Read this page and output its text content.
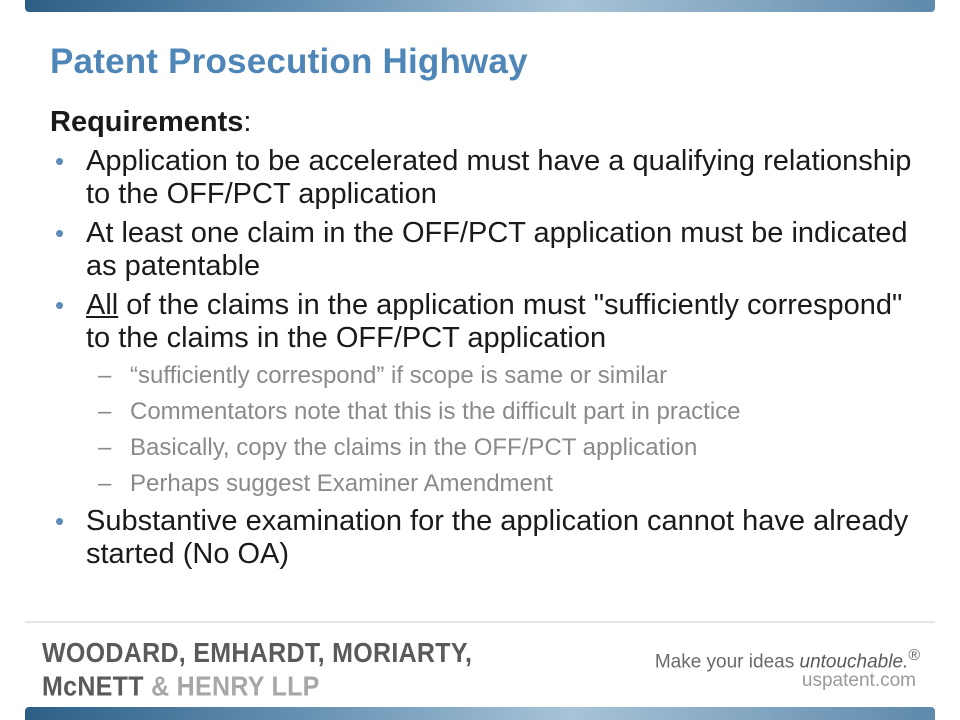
Patent Prosecution Highway
Requirements:
• Application to be accelerated must have a qualifying relationship to the OFF/PCT application
• At least one claim in the OFF/PCT application must be indicated as patentable
• All of the claims in the application must "sufficiently correspond" to the claims in the OFF/PCT application
– “sufficiently correspond” if scope is same or similar
– Commentators note that this is the difficult part in practice
– Basically, copy the claims in the OFF/PCT application
– Perhaps suggest Examiner Amendment
• Substantive examination for the application cannot have already started (No OA)
WOODARD, EMHARDT, MORIARTY,
McNETT & HENRY LLP
Make your ideas untouchable.®
uspatent.com
